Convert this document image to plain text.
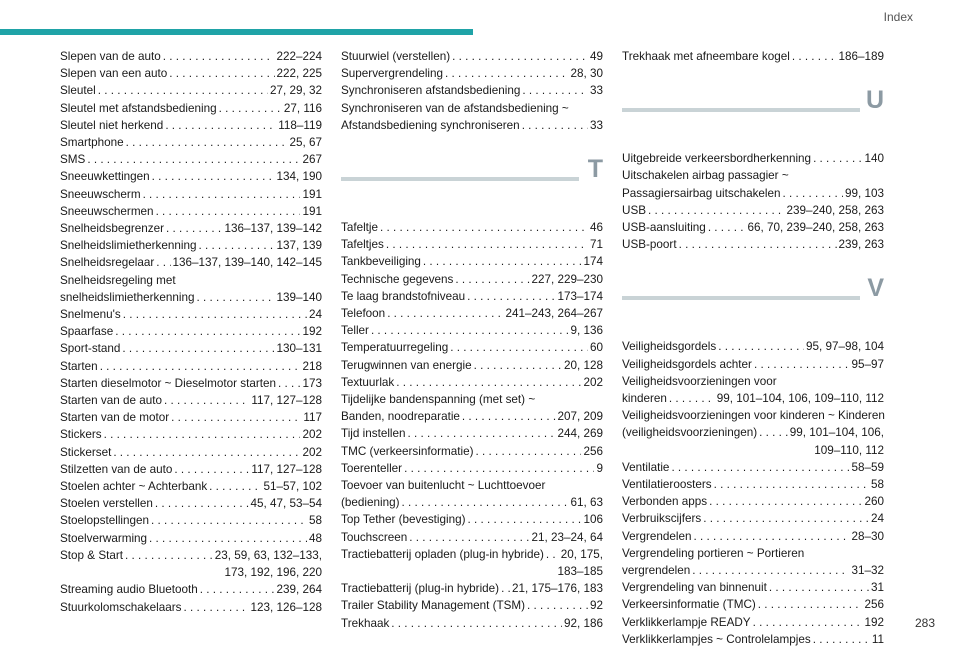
Index
Slepen van de auto . . .	222–224
Slepen van een auto . . .	222, 225
Sleutel . . .	27, 29, 32
Sleutel met afstandsbediening . . .	27, 116
Sleutel niet herkend . . .	118–119
Smartphone . . .	25, 67
SMS . . .	267
Sneeuwkettingen . . .	134, 190
Sneeuwscherm . . .	191
Sneeuwschermen . . .	191
Snelheidsbegrenzer . . .	136–137, 139–142
Snelheidslimietherkenning . . .	137, 139
Snelheidsregelaar . . . 136–137, 139–140, 142–145
Snelheidsregeling met
snelheidslimietherkenning . . .	139–140
Snelmenu's . . .	24
Spaarfase . . .	192
Sport-stand . . .	130–131
Starten . . .	218
Starten dieselmotor ~ Dieselmotor starten . . . 173
Starten van de auto . . .	117, 127–128
Starten van de motor . . .	117
Stickers . . .	202
Stickerset . . .	202
Stilzetten van de auto . . .	117, 127–128
Stoelen achter ~ Achterbank . . .	51–57, 102
Stoelen verstellen . . .	45, 47, 53–54
Stoelopstellingen . . .	58
Stoelverwarming . . .	48
Stop & Start . . .	23, 59, 63, 132–133,
173, 192, 196, 220
Streaming audio Bluetooth . . .	239, 264
Stuurkolomschakelaars . . .	123, 126–128
Stuurwiel (verstellen) . . .	49
Supervergrendeling . . .	28, 30
Synchroniseren afstandsbediening . . .	33
Synchroniseren van de afstandsbediening ~
Afstandsbediening synchroniseren . . .	33
T
Tafeltje . . .	46
Tafeltjes . . .	71
Tankbeveiliging . . .	174
Technische gegevens . . .	227, 229–230
Te laag brandstofniveau . . .	173–174
Telefoon . . .	241–243, 264–267
Teller . . .	9, 136
Temperatuurregeling . . .	60
Terugwinnen van energie . . .	20, 128
Textuurlak . . .	202
Tijdelijke bandenspanning (met set) ~
Banden, noodreparatie . . .	207, 209
Tijd instellen . . .	244, 269
TMC (verkeersinformatie) . . .	256
Toerenteller . . .	9
Toevoer van buitenlucht ~ Luchttoevoer
(bediening) . . .	61, 63
Top Tether (bevestiging) . . .	106
Touchscreen . . .	21, 23–24, 64
Tractiebatterij opladen (plug-in hybride) . . . 20, 175,
183–185
Tractiebatterij (plug-in hybride) . . . 21, 175–176, 183
Trailer Stability Management (TSM) . . .	92
Trekhaak . . .	92, 186
Trekhaak met afneembare kogel . . .	186–189
U
Uitgebreide verkeersbordherkenning . . .	140
Uitschakelen airbag passagier ~
Passagiersairbag uitschakelen . . .	99, 103
USB . . .	239–240, 258, 263
USB-aansluiting . . .	66, 70, 239–240, 258, 263
USB-poort . . .	239, 263
V
Veiligheidsgordels . . .	95, 97–98, 104
Veiligheidsgordels achter . . .	95–97
Veiligheidsvoorzieningen voor
kinderen . . .	99, 101–104, 106, 109–110, 112
Veiligheidsvoorzieningen voor kinderen ~ Kinderen
(veiligheidsvoorzieningen) . . .	99, 101–104, 106,
109–110, 112
Ventilatie . . .	58–59
Ventilatieroosters . . .	58
Verbonden apps . . .	260
Verbruikscijfers . . .	24
Vergrendelen . . .	28–30
Vergrendeling portieren ~ Portieren
vergrendelen . . .	31–32
Vergrendeling van binnenuit . . .	31
Verkeersinformatie (TMC) . . .	256
Verklikkerlampje READY . . .	192
Verklikkerlampjes ~ Controlelampjes . . .	11
283
